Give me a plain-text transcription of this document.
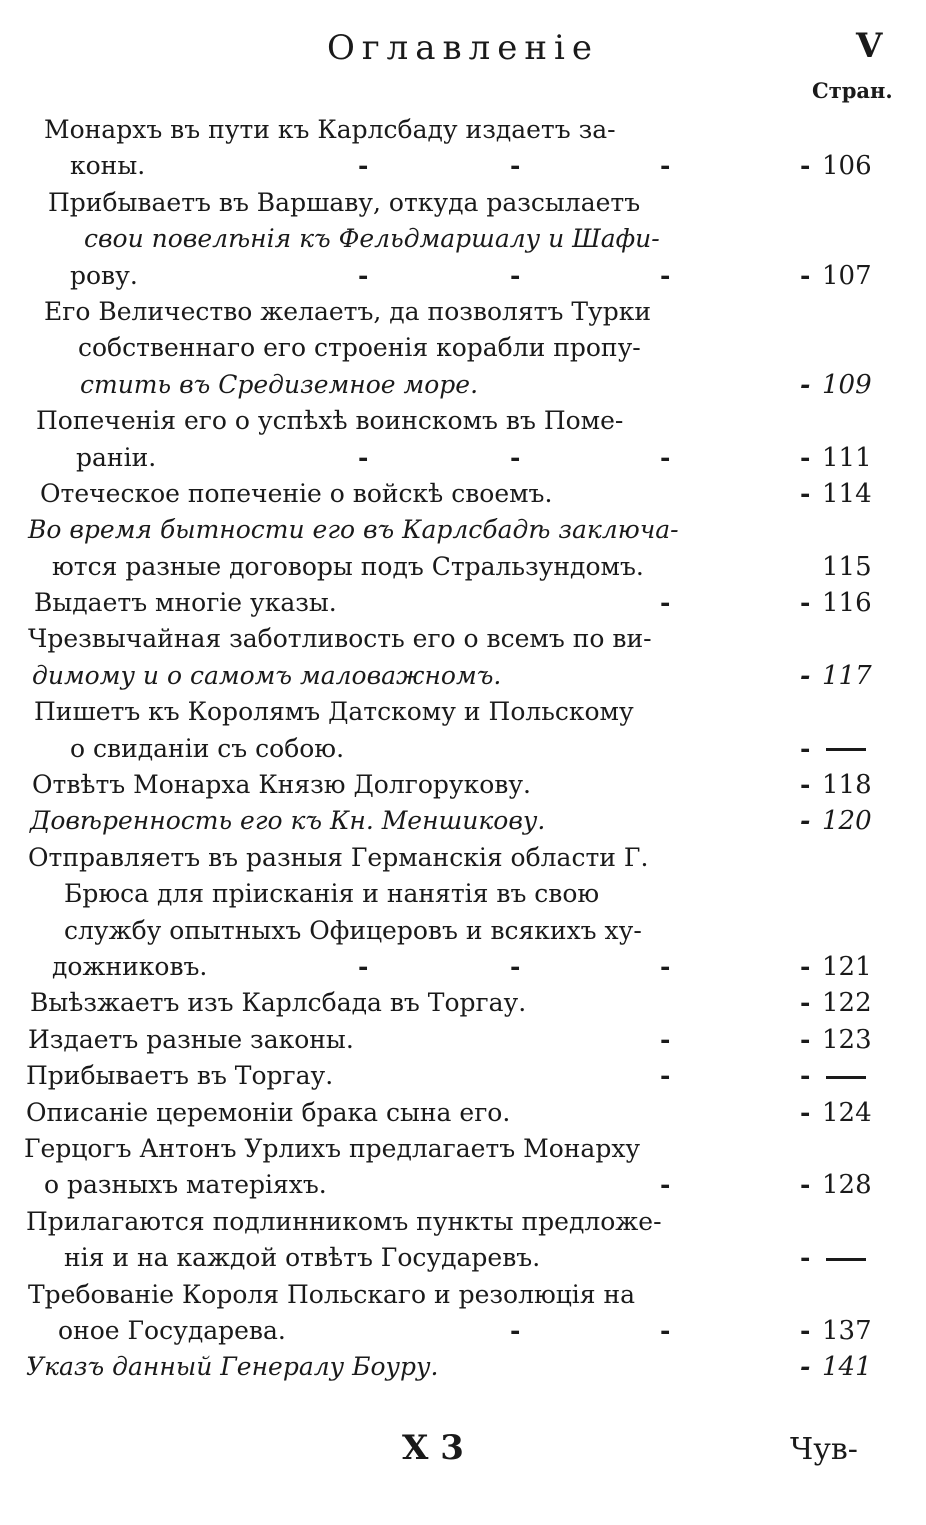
Оглавленіе	V
Стран.
Монархъ въ пути къ Карлсбаду издаетъ за-
коны.	-	-	-	- 106
Прибываетъ въ Варшаву, откуда разсылаетъ
свои повелѣнія къ Фельдмаршалу и Шафи-
рову.	-	-	-	- 107
Его Величество желаетъ, да позволятъ Турки
собственнаго его строенія корабли пропу-
стить въ Средиземное море.	- 109
Попеченія его о успѣхѣ воинскомъ въ Поме-
раніи.	-	-	-	- 111
Отеческое попеченіе о войскѣ своемъ.	- 114
Во время бытности его въ Карлсбадѣ заключа-
ются разные договоры подъ Стральзундомъ.	115
Выдаетъ многіе указы.	-	- 116
Чрезвычайная заботливость его о всемъ по ви-
димому и о самомъ маловажномъ.	- 117
Пишетъ къ Королямъ Датскому и Польскому
о свиданіи съ собою.	-
Отвѣтъ Монарха Князю Долгорукову.	- 118
Довѣренность его къ Кн. Меншикову.	- 120
Отправляетъ въ разныя Германскія области Г.
Брюса для пріисканія и нанятія въ свою
службу опытныхъ Офицеровъ и всякихъ ху-
дожниковъ.	-	-	-	- 121
Выѣзжаетъ изъ Карлсбада въ Торгау.	- 122
Издаетъ разные законы.	-	- 123
Прибываетъ въ Торгау.	-	-
Описаніе церемоніи брака сына его.	- 124
Герцогъ Антонъ Урлихъ предлагаетъ Монарху
о разныхъ матеріяхъ.	-	- 128
Прилагаются подлинникомъ пункты предложе-
нія и на каждой отвѣтъ Государевъ.	-
Требованіе Короля Польскаго и резолюція на
оное Государева.	-	-	- 137
Указъ данный Генералу Боуру.	- 141
Х 3	Чув-
